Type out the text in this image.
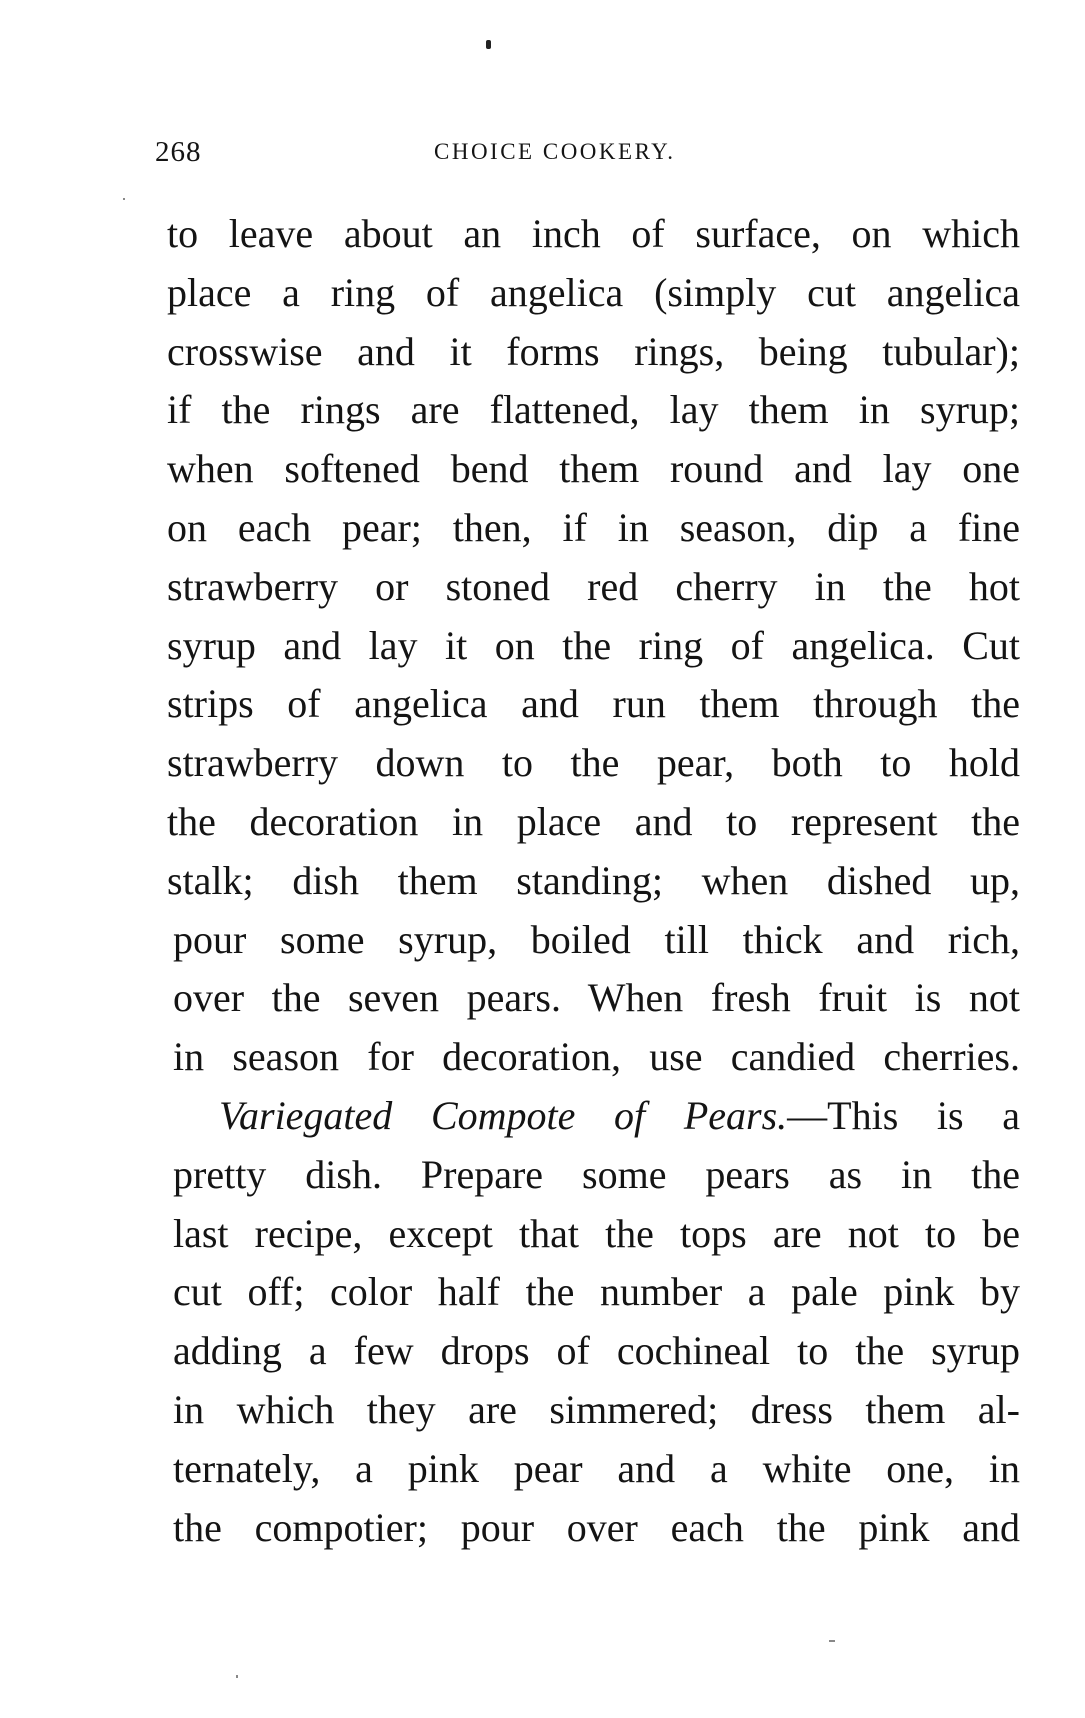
268	CHOICE COOKERY.
to leave about an inch of surface, on which
place a ring of angelica (simply cut angelica
crosswise and it forms rings, being tubular);
if the rings are flattened, lay them in syrup;
when softened bend them round and lay one
on each pear; then, if in season, dip a fine
strawberry or stoned red cherry in the hot
syrup and lay it on the ring of angelica. Cut
strips of angelica and run them through the
strawberry down to the pear, both to hold
the decoration in place and to represent the
stalk; dish them standing; when dished up,
pour some syrup, boiled till thick and rich,
over the seven pears. When fresh fruit is not
in season for decoration, use candied cherries.
Variegated Compote of Pears.—This is a
pretty dish. Prepare some pears as in the
last recipe, except that the tops are not to be
cut off; color half the number a pale pink by
adding a few drops of cochineal to the syrup
in which they are simmered; dress them al-
ternately, a pink pear and a white one, in
the compotier; pour over each the pink and
